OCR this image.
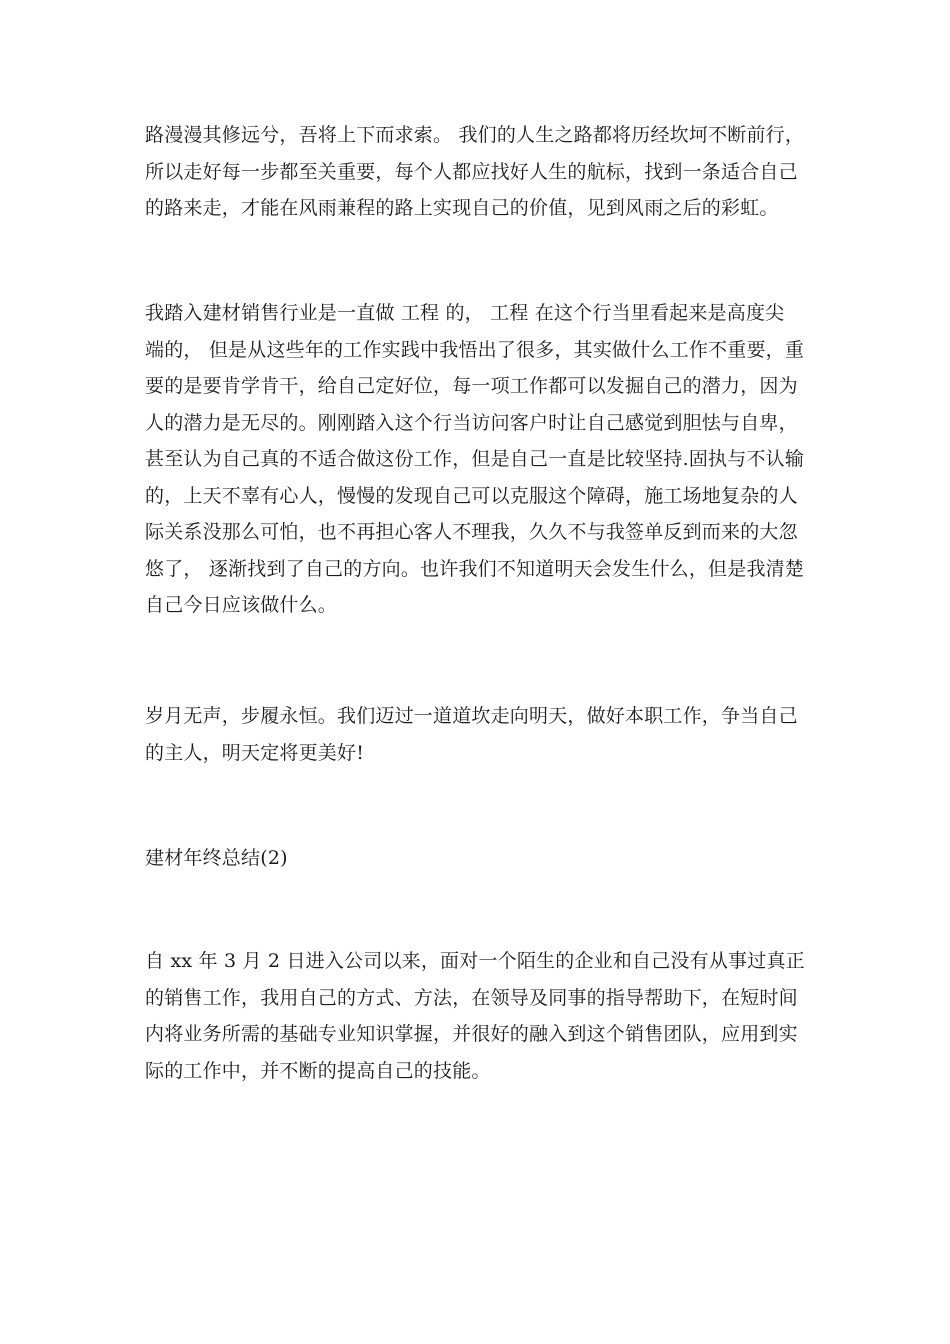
路漫漫其修远兮，吾将上下而求索。 我们的人生之路都将历经坎坷不断前行，
所以走好每一步都至关重要，每个人都应找好人生的航标，找到一条适合自己
的路来走，才能在风雨兼程的路上实现自己的价值，见到风雨之后的彩虹。

我踏入建材销售行业是一直做 工程 的， 工程 在这个行当里看起来是高度尖
端的， 但是从这些年的工作实践中我悟出了很多，其实做什么工作不重要，重
要的是要肯学肯干，给自己定好位，每一项工作都可以发掘自己的潜力，因为
人的潜力是无尽的。刚刚踏入这个行当访问客户时让自己感觉到胆怯与自卑，
甚至认为自己真的不适合做这份工作，但是自己一直是比较坚持.固执与不认输
的，上天不辜有心人，慢慢的发现自己可以克服这个障碍，施工场地复杂的人
际关系没那么可怕，也不再担心客人不理我，久久不与我签单反到而来的大忽
悠了， 逐渐找到了自己的方向。也许我们不知道明天会发生什么，但是我清楚
自己今日应该做什么。

岁月无声，步履永恒。我们迈过一道道坎走向明天，做好本职工作，争当自己
的主人，明天定将更美好!

建材年终总结(2)

自 xx 年 3 月 2 日进入公司以来，面对一个陌生的企业和自己没有从事过真正
的销售工作，我用自己的方式、方法，在领导及同事的指导帮助下，在短时间
内将业务所需的基础专业知识掌握，并很好的融入到这个销售团队，应用到实
际的工作中，并不断的提高自己的技能。
